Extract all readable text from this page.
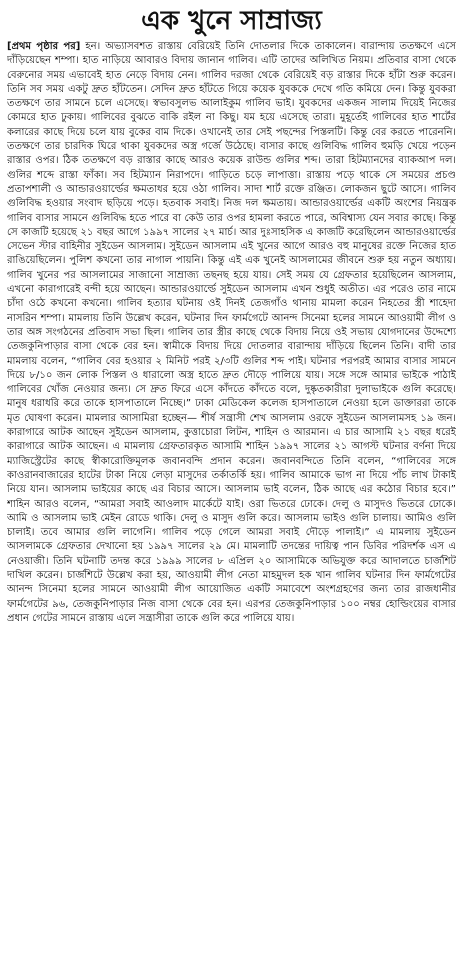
এক খুনে সাম্রাজ্য

[প্রথম পৃষ্ঠার পর] হন। অভ্যাসবশত রাস্তায় বেরিয়েই তিনি দোতলার দিকে তাকালেন। বারান্দায় ততক্ষণে এসে দাঁড়িয়েছেন শম্পা। হাত নাড়িয়ে আবারও বিদায় জানান গালিব। এটি তাদের অলিখিত নিয়ম। প্রতিবার বাসা থেকে বেরুনোর সময় এভাবেই হাত নেড়ে বিদায় নেন। গালিব দরজা থেকে বেরিয়েই বড় রাস্তার দিকে হাঁটা শুরু করেন। তিনি সব সময় একটু দ্রুত হাঁটতেন। সেদিন দ্রুত হাঁটতে গিয়ে কয়েক যুবককে দেখে গতি কমিয়ে দেন। কিন্তু যুবকরা ততক্ষণে তার সামনে চলে এসেছে। স্বভাবসুলভ আলাইকুম গালিব ভাই। যুবকদের একজন সালাম দিয়েই নিজের কোমরে হাত ঢুকায়। গালিবের বুঝতে বাকি রইল না কিছু। যম হয়ে এসেছে তারা। মুহূর্তেই গালিবের হাত শার্টের কলারের কাছে দিয়ে চলে যায় বুকের বাম দিকে। ওখানেই তার সেই পছন্দের পিস্তলটি। কিন্তু বের করতে পারেননি। ততক্ষণে তার চারদিক ঘিরে থাকা যুবকদের অস্ত্র গর্জে উঠেছে। বাসার কাছে গুলিবিদ্ধ গালিব হুমড়ি খেয়ে পড়েন রাস্তার ওপর। ঠিক ততক্ষণে বড় রাস্তার কাছে আরও কয়েক রাউন্ড গুলির শব্দ। তারা হিটম্যানদের ব্যাকআপ দল। গুলির শব্দে রাস্তা ফাঁকা। সব হিটম্যান নিরাপদে। গাড়িতে চড়ে লাপাত্তা। রাস্তায় পড়ে থাকে সে সময়ের প্রচণ্ড প্রতাপশালী ও আন্ডারওয়ার্ল্ডের ক্ষমতাধর হয়ে ওঠা গালিব। সাদা শার্ট রক্তে রঞ্জিত। লোকজন ছুটে আসে। গালিব গুলিবিদ্ধ হওয়ার সংবাদ ছড়িয়ে পড়ে। হতবাক সবাই। নিজ দল ক্ষমতায়। আন্ডারওয়ার্ল্ডের একটি অংশের নিয়ন্ত্রক গালিব বাসার সামনে গুলিবিদ্ধ হতে পারে বা কেউ তার ওপর হামলা করতে পারে, অবিশ্বাস্য যেন সবার কাছে। কিন্তু সে কাজটি হয়েছে ২১ বছর আগে ১৯৯৭ সালের ২৭ মার্চ। আর দুঃসাহসিক এ কাজটি করেছিলেন আন্ডারওয়ার্ল্ডের সেভেন স্টার বাহিনীর সুইডেন আসলাম। সুইডেন আসলাম এই খুনের আগে আরও বহু মানুষের রক্তে নিজের হাত রাঙিয়েছিলেন। পুলিশ কখনো তার নাগাল পায়নি। কিন্তু এই এক খুনেই আসলামের জীবনে শুরু হয় নতুন অধ্যায়। গালিব খুনের পর আসলামের সাজানো সাম্রাজ্য তছনছ হয়ে যায়। সেই সময় যে গ্রেফতার হয়েছিলেন আসলাম, এখনো কারাগারেই বন্দী হয়ে আছেন। আন্ডারওয়ার্ল্ডে সুইডেন আসলাম এখন শুধুই অতীত। এর পরেও তার নামে চাঁদা ওঠে কখনো কখনো। গালিব হত্যার ঘটনায় ওই দিনই তেজগাঁও থানায় মামলা করেন নিহতের স্ত্রী শাহেদা নাসরিন শম্পা। মামলায় তিনি উল্লেখ করেন, ঘটনার দিন ফার্মগেটে আনন্দ সিনেমা হলের সামনে আওয়ামী লীগ ও তার অঙ্গ সংগঠনের প্রতিবাদ সভা ছিল। গালিব তার স্ত্রীর কাছে থেকে বিদায় নিয়ে ওই সভায় যোগদানের উদ্দেশ্যে তেজকুনিপাড়ার বাসা থেকে বের হন। স্বামীকে বিদায় দিয়ে দোতলার বারান্দায় দাঁড়িয়ে ছিলেন তিনি। বাদী তার মামলায় বলেন, “গালিব বের হওয়ার ২ মিনিট পরই ২/৩টি গুলির শব্দ পাই। ঘটনার পরপরই আমার বাসার সামনে দিয়ে ৮/১০ জন লোক পিস্তল ও ধারালো অস্ত্র হাতে দ্রুত দৌড়ে পালিয়ে যায়। সঙ্গে সঙ্গে আমার ভাইকে পাঠাই গালিবের খোঁজ নেওয়ার জন্য। সে দ্রুত ফিরে এসে কাঁদতে কাঁদতে বলে, দুষ্কৃতকারীরা দুলাভাইকে গুলি করেছে। মানুষ ধরাধরি করে তাকে হাসপাতালে নিচ্ছে।” ঢাকা মেডিকেল কলেজ হাসপাতালে নেওয়া হলে ডাক্তাররা তাকে মৃত ঘোষণা করেন। মামলার আসামিরা হচ্ছেন— শীর্ষ সন্ত্রাসী শেখ আসলাম ওরফে সুইডেন আসলামসহ ১৯ জন। কারাগারে আটক আছেন সুইডেন আসলাম, কুত্তাচোরা লিটন, শাহিন ও আরমান। এ চার আসামি ২১ বছর ধরেই কারাগারে আটক আছেন। এ মামলায় গ্রেফতারকৃত আসামি শাহিন ১৯৯৭ সালের ২১ আগস্ট ঘটনার বর্ণনা দিয়ে ম্যাজিস্ট্রেটের কাছে স্বীকারোক্তিমূলক জবানবন্দি প্রদান করেন। জবানবন্দিতে তিনি বলেন, “গালিবের সঙ্গে কাওরানবাজারের হাটের টাকা নিয়ে লেড়া মাসুদের তর্কাতর্কি হয়। গালিব আমাকে ভাগ না দিয়ে পাঁচ লাখ টাকাই নিয়ে যান। আসলাম ভাইয়ের কাছে এর বিচার আসে। আসলাম ভাই বলেন, ঠিক আছে এর কঠোর বিচার হবে।” শাহিন আরও বলেন, “আমরা সবাই আওলাদ মার্কেটে যাই। ওরা ভিতরে ঢোকে। দেলু ও মাসুদও ভিতরে ঢোকে। আমি ও আসলাম ভাই মেইন রোডে থাকি। দেলু ও মাসুদ গুলি করে। আসলাম ভাইও গুলি চালায়। আমিও গুলি চালাই। তবে আমার গুলি লাগেনি। গালিব পড়ে গেলে আমরা সবাই দৌড়ে পালাই।” এ মামলায় সুইডেন আসলামকে গ্রেফতার দেখানো হয় ১৯৯৭ সালের ২৯ মে। মামলাটি তদন্তের দায়িত্ব পান ডিবির পরিদর্শক এস এ নেওয়াজী। তিনি ঘটনাটি তদন্ত করে ১৯৯৯ সালের ৮ এপ্রিল ২০ আসামিকে অভিযুক্ত করে আদালতে চার্জশিট দাখিল করেন। চার্জশিটে উল্লেখ করা হয়, আওয়ামী লীগ নেতা মাহমুদল হক খান গালিব ঘটনার দিন ফার্মগেটের আনন্দ সিনেমা হলের সামনে আওয়ামী লীগ আয়োজিত একটি সমাবেশে অংশগ্রহণের জন্য তার রাজধানীর ফার্মগেটের ৯৬, তেজকুনিপাড়ার নিজ বাসা থেকে বের হন। এরপর তেজকুনিপাড়ার ১০০ নম্বর হোল্ডিংয়ের বাসার প্রধান গেটের সামনে রাস্তায় এলে সন্ত্রাসীরা তাকে গুলি করে পালিয়ে যায়।
